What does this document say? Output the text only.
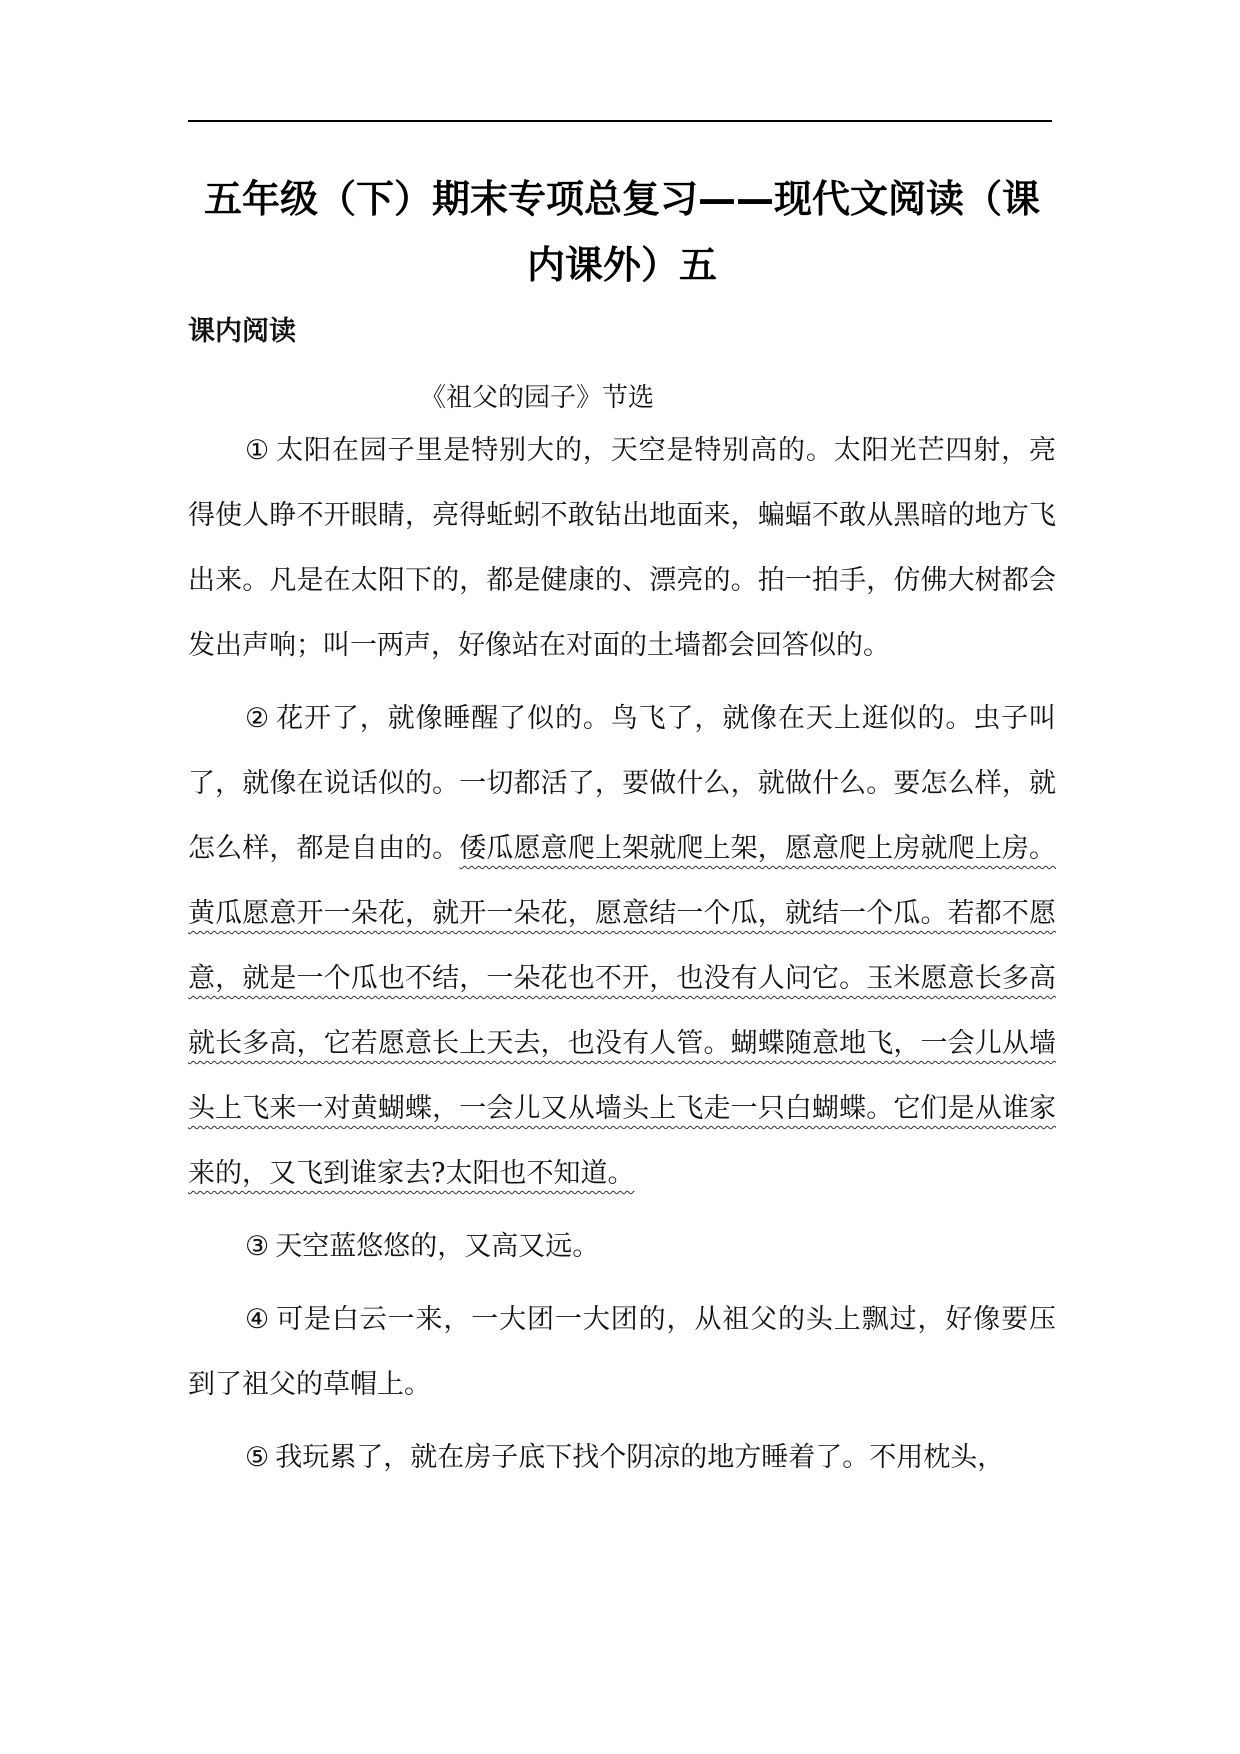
五年级（下）期末专项总复习——现代文阅读（课内课外）五
课内阅读
《祖父的园子》节选

① 太阳在园子里是特别大的，天空是特别高的。太阳光芒四射，亮得使人睁不开眼睛，亮得蚯蚓不敢钻出地面来，蝙蝠不敢从黑暗的地方飞出来。凡是在太阳下的，都是健康的、漂亮的。拍一拍手，仿佛大树都会发出声响；叫一两声，好像站在对面的土墙都会回答似的。

② 花开了，就像睡醒了似的。鸟飞了，就像在天上逛似的。虫子叫了，就像在说话似的。一切都活了，要做什么，就做什么。要怎么样，就怎么样，都是自由的。倭瓜愿意爬上架就爬上架，愿意爬上房就爬上房。黄瓜愿意开一朵花，就开一朵花，愿意结一个瓜，就结一个瓜。若都不愿意，就是一个瓜也不结，一朵花也不开，也没有人问它。玉米愿意长多高就长多高，它若愿意长上天去，也没有人管。蝴蝶随意地飞，一会儿从墙头上飞来一对黄蝴蝶，一会儿又从墙头上飞走一只白蝴蝶。它们是从谁家来的，又飞到谁家去?太阳也不知道。

③ 天空蓝悠悠的，又高又远。

④ 可是白云一来，一大团一大团的，从祖父的头上飘过，好像要压到了祖父的草帽上。

⑤ 我玩累了，就在房子底下找个阴凉的地方睡着了。不用枕头，
